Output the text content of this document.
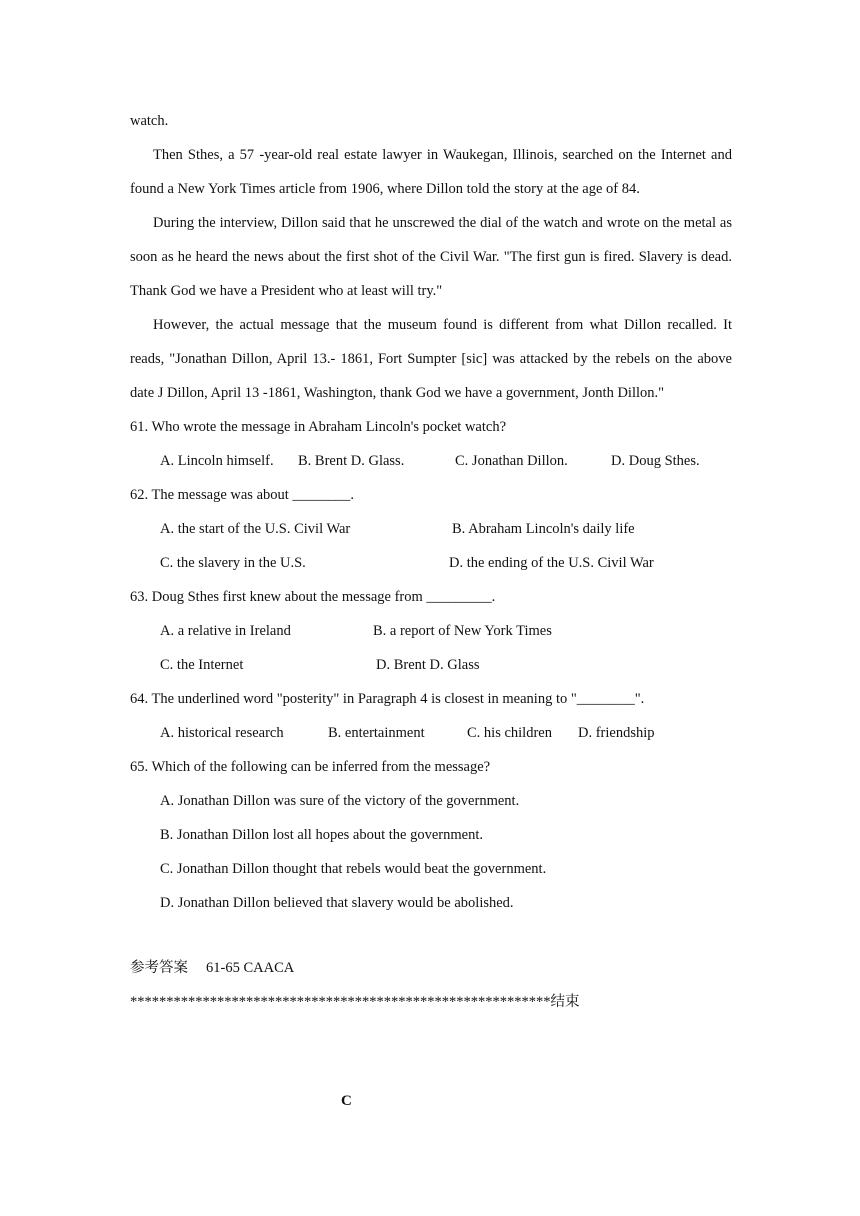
watch.

Then Sthes, a 57 -year-old real estate lawyer in Waukegan, Illinois, searched on the Internet and found a New York Times article from 1906, where Dillon told the story at the age of 84.

During the interview, Dillon said that he unscrewed the dial of the watch and wrote on the metal as soon as he heard the news about the first shot of the Civil War. "The first gun is fired. Slavery is dead. Thank God we have a President who at least will try."

However, the actual message that the museum found is different from what Dillon recalled. It reads, "Jonathan Dillon, April 13.- 1861, Fort Sumpter [sic] was attacked by the rebels on the above date J Dillon, April 13 -1861, Washington, thank God we have a government, Jonth Dillon."

61. Who wrote the message in Abraham Lincoln's pocket watch?
A. Lincoln himself. B. Brent D. Glass.	C. Jonathan Dillon.	D. Doug Sthes.
62. The message was about ________.
A. the start of the U.S. Civil War	B. Abraham Lincoln's daily life
C. the slavery in the U.S.	D. the ending of the U.S. Civil War
63. Doug Sthes first knew about the message from _________.
A. a relative in Ireland	B. a report of New York Times
C. the Internet	D. Brent D. Glass
64. The underlined word "posterity" in Paragraph 4 is closest in meaning to "________".
A. historical research	B. entertainment	C. his children D. friendship
65. Which of the following can be inferred from the message?
A. Jonathan Dillon was sure of the victory of the government.
B. Jonathan Dillon lost all hopes about the government.
C. Jonathan Dillon thought that rebels would beat the government.
D. Jonathan Dillon believed that slavery would be abolished.
参考答案 61-65 CAACA
**********************************************************结束
C
